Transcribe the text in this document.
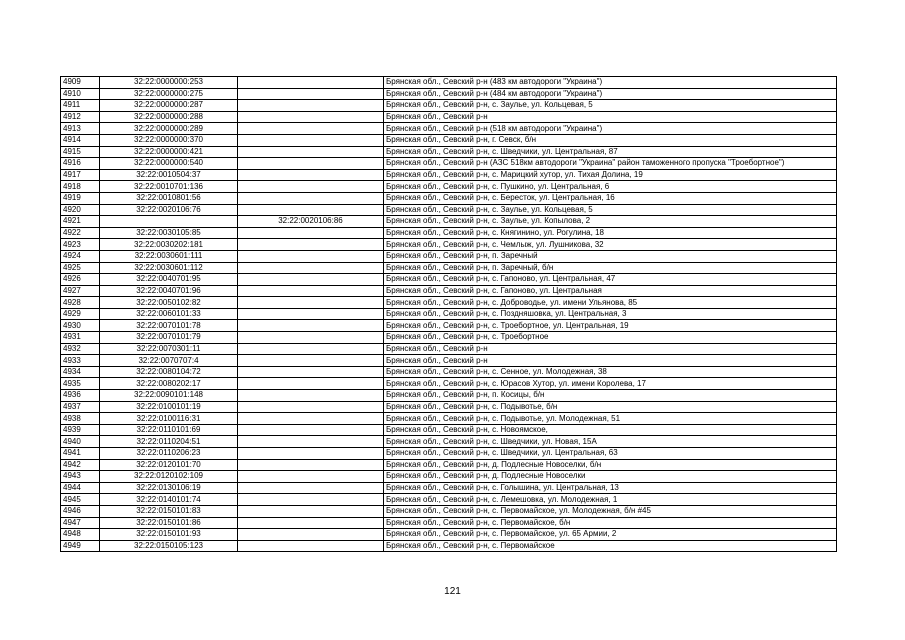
4909	32:22:0000000:253		Брянская обл., Севский р-н (483 км автодороги "Украина")
4910	32:22:0000000:275		Брянская обл., Севский р-н (484 км автодороги "Украина")
4911	32:22:0000000:287		Брянская обл., Севский р-н, с. Заулье, ул. Кольцевая, 5
4912	32:22:0000000:288		Брянская обл., Севский р-н
4913	32:22:0000000:289		Брянская обл., Севский р-н (518 км автодороги "Украина")
4914	32:22:0000000:370		Брянская обл., Севский р-н, г. Севск, б/н
4915	32:22:0000000:421		Брянская обл., Севский р-н, с. Шведчики, ул. Центральная, 87
4916	32:22:0000000:540		Брянская обл., Севский р-н (АЗС 518км автодороги "Украина" район таможенного пропуска "Троебортное")
4917	32:22:0010504:37		Брянская обл., Севский р-н, с. Марицкий хутор, ул. Тихая Долина, 19
4918	32:22:0010701:136		Брянская обл., Севский р-н, с. Пушкино, ул. Центральная, 6
4919	32:22:0010801:56		Брянская обл., Севский р-н, с. Бересток, ул. Центральная, 16
4920	32:22:0020106:76		Брянская обл., Севский р-н, с. Заулье, ул. Кольцевая, 5
4921		32:22:0020106:86	Брянская обл., Севский р-н, с. Заулье, ул. Копылова, 2
4922	32:22:0030105:85		Брянская обл., Севский р-н, с. Княгинино, ул. Рогулина, 18
4923	32:22:0030202:181		Брянская обл., Севский р-н, с. Чемлыж, ул. Лушникова, 32
4924	32:22:0030601:111		Брянская обл., Севский р-н, п. Заречный
4925	32:22:0030601:112		Брянская обл., Севский р-н, п. Заречный, б/н
4926	32:22:0040701:95		Брянская обл., Севский р-н, с. Гапоново, ул. Центральная, 47
4927	32:22:0040701:96		Брянская обл., Севский р-н, с. Гапоново, ул. Центральная
4928	32:22:0050102:82		Брянская обл., Севский р-н, с. Доброводье, ул. имени Ульянова, 85
4929	32:22:0060101:33		Брянская обл., Севский р-н, с. Поздняшовка, ул. Центральная, 3
4930	32:22:0070101:78		Брянская обл., Севский р-н, с. Троебортное, ул. Центральная, 19
4931	32:22:0070101:79		Брянская обл., Севский р-н, с. Троебортное
4932	32:22:0070301:11		Брянская обл., Севский р-н
4933	32:22:0070707:4		Брянская обл., Севский р-н
4934	32:22:0080104:72		Брянская обл., Севский р-н, с. Сенное, ул. Молодежная, 38
4935	32:22:0080202:17		Брянская обл., Севский р-н, с. Юрасов Хутор, ул. имени Королева, 17
4936	32:22:0090101:148		Брянская обл., Севский р-н, п. Косицы, б/н
4937	32:22:0100101:19		Брянская обл., Севский р-н, с. Подывотье, б/н
4938	32:22:0100116:31		Брянская обл., Севский р-н, с. Подывотье, ул. Молодежная, 51
4939	32:22:0110101:69		Брянская обл., Севский р-н, с. Новоямское,
4940	32:22:0110204:51		Брянская обл., Севский р-н, с. Шведчики, ул. Новая, 15А
4941	32:22:0110206:23		Брянская обл., Севский р-н, с. Шведчики, ул. Центральная, 63
4942	32:22:0120101:70		Брянская обл., Севский р-н, д. Подлесные Новоселки, б/н
4943	32:22:0120102:109		Брянская обл., Севский р-н, д. Подлесные Новоселки
4944	32:22:0130106:19		Брянская обл., Севский р-н, с. Голышина, ул. Центральная, 13
4945	32:22:0140101:74		Брянская обл., Севский р-н, с. Лемешовка, ул. Молодежная, 1
4946	32:22:0150101:83		Брянская обл., Севский р-н, с. Первомайское, ул. Молодежная, б/н #45
4947	32:22:0150101:86		Брянская обл., Севский р-н, с. Первомайское, б/н
4948	32:22:0150101:93		Брянская обл., Севский р-н, с. Первомайское, ул. 65 Армии, 2
4949	32:22:0150105:123		Брянская обл., Севский р-н, с. Первомайское
121
